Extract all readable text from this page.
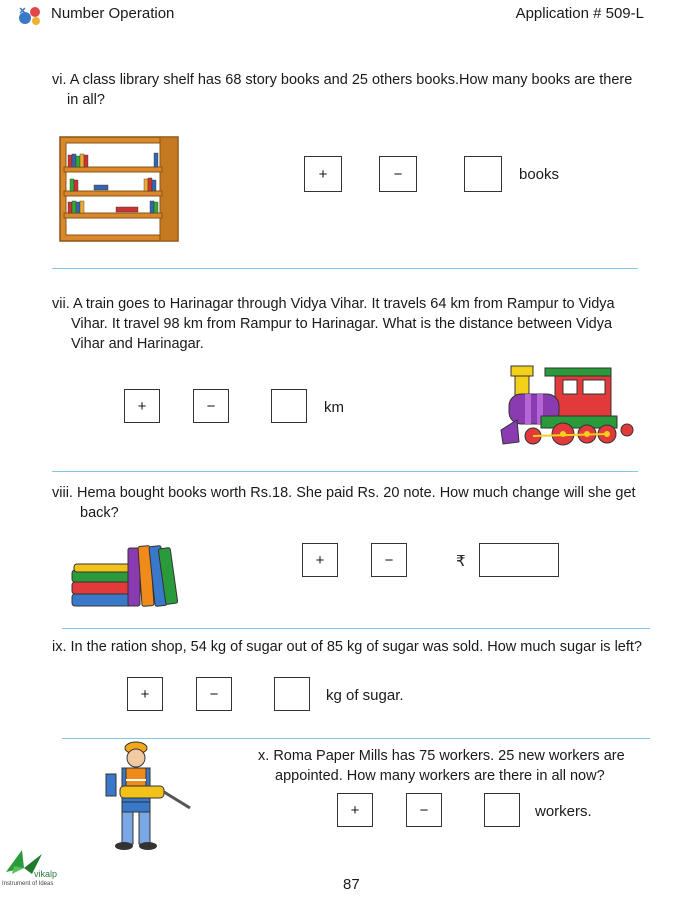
Number Operation	Application # 509-L
vi. A class library shelf has 68 story books and 25 others books.How many books are there
in all?
+	−	books
vii. A train goes to Harinagar through Vidya Vihar. It travels 64 km from Rampur to Vidya
Vihar. It travel 98 km from Rampur to Harinagar. What is the distance between Vidya
Vihar and Harinagar.
+	−	km
viii. Hema bought books worth Rs.18. She paid Rs. 20 note. How much change will she get
back?
+	−	₹
ix. In the ration shop, 54 kg of sugar out of 85 kg of sugar was sold. How much sugar is left?
+	−	kg of sugar.
x. Roma Paper Mills has 75 workers. 25 new workers are
appointed. How many workers are there in all now?
+	−	workers.
vikalp
Instrument of Ideas	87
